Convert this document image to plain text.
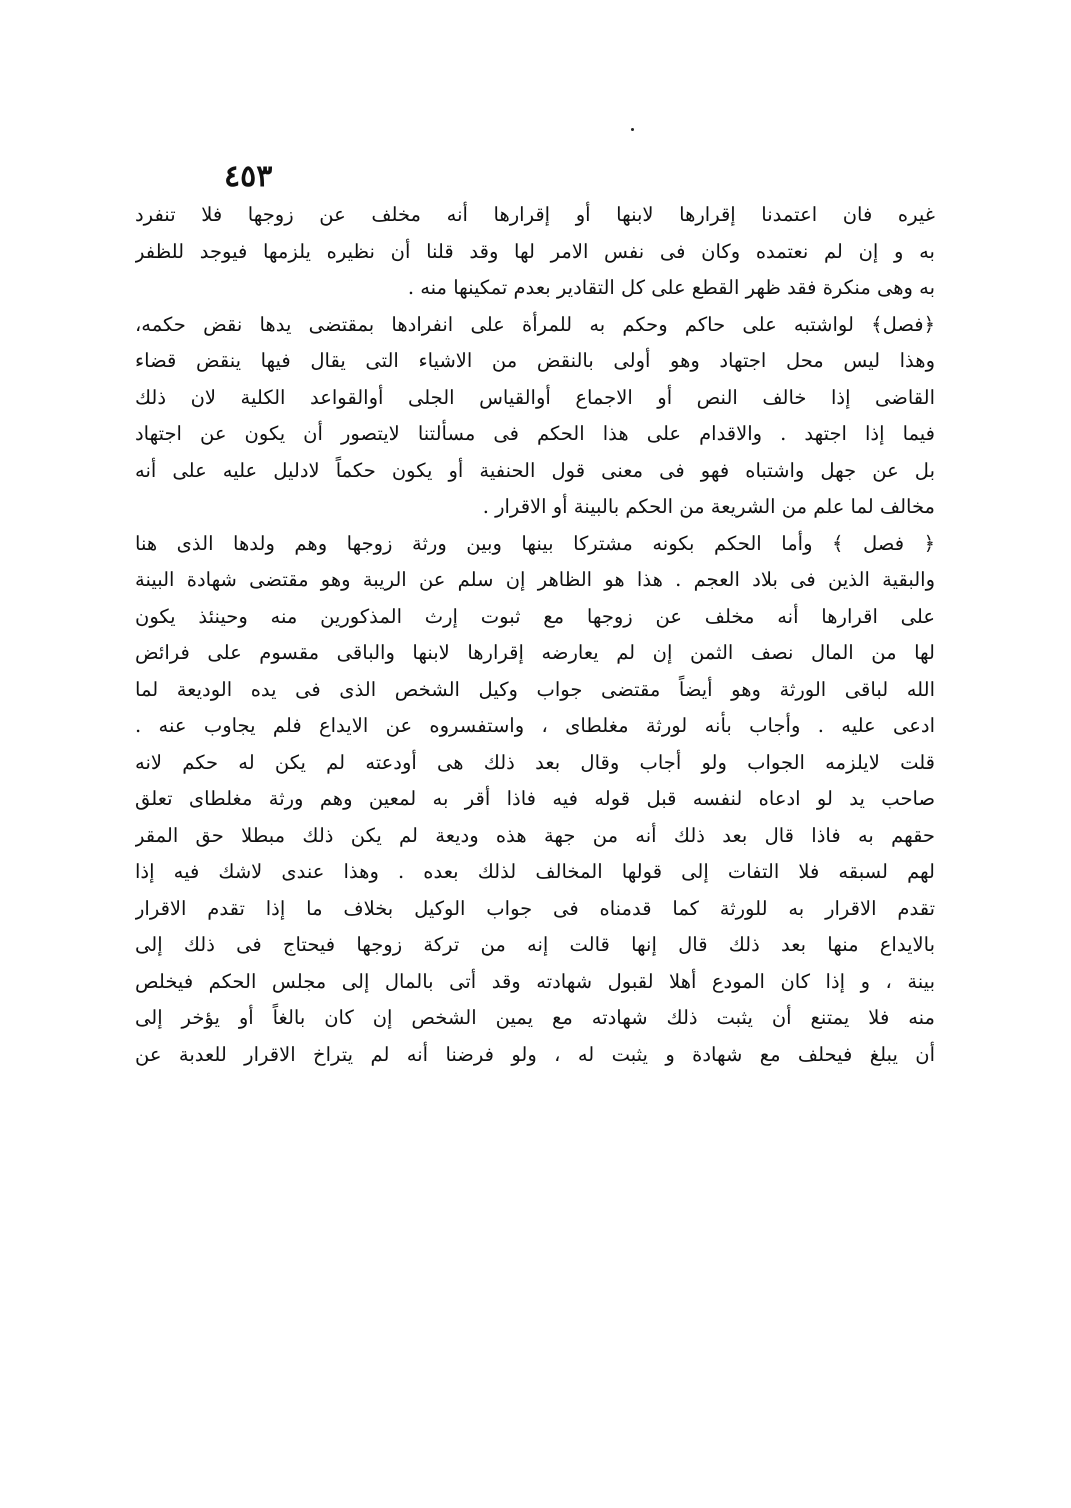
٤٥٣
غيره فان اعتمدنا إقرارها لابنها أو إقرارها أنه مخلف عن زوجها فلا تنفرد
به و إن لم نعتمده وكان فى نفس الامر لها وقد قلنا أن نظيره يلزمها فيوجد للظفر
به وهى منكرة فقد ظهر القطع على كل التقادير بعدم تمكينها منه .
﴿فصل﴾ لواشتبه على حاكم وحكم به للمرأة على انفرادها بمقتضى يدها نقض حكمه،
وهذا ليس محل اجتهاد وهو أولى بالنقض من الاشياء التى يقال فيها ينقض قضاء
القاضى إذا خالف النص أو الاجماع أوالقياس الجلى أوالقواعد الكلية لان ذلك
فيما إذا اجتهد . والاقدام على هذا الحكم فى مسألتنا لايتصور أن يكون عن اجتهاد
بل عن جهل واشتباه فهو فى معنى قول الحنفية أو يكون حكماً لادليل عليه على أنه
مخالف لما علم من الشريعة من الحكم بالبينة أو الاقرار .
﴿ فصل ﴾ وأما الحكم بكونه مشتركا بينها وبين ورثة زوجها وهم ولدها الذى هنا
والبقية الذين فى بلاد العجم . هذا هو الظاهر إن سلم عن الريبة وهو مقتضى شهادة البينة
على اقرارها أنه مخلف عن زوجها مع ثبوت إرث المذكورين منه وحينئذ يكون
لها من المال نصف الثمن إن لم يعارضه إقرارها لابنها والباقى مقسوم على فرائض
الله لباقى الورثة وهو أيضاً مقتضى جواب وكيل الشخص الذى فى يده الوديعة لما
ادعى عليه . وأجاب بأنه لورثة مغلطاى ، واستفسروه عن الايداع فلم يجاوب عنه .
قلت لايلزمه الجواب ولو أجاب وقال بعد ذلك هى أودعته لم يكن له حكم لانه
صاحب يد لو ادعاه لنفسه قبل قوله فيه فاذا أقر به لمعين وهم ورثة مغلطاى تعلق
حقهم به فاذا قال بعد ذلك أنه من جهة هذه وديعة لم يكن ذلك مبطلا حق المقر
لهم لسبقه فلا التفات إلى قولها المخالف لذلك بعده . وهذا عندى لاشك فيه إذا
تقدم الاقرار به للورثة كما قدمناه فى جواب الوكيل بخلاف ما إذا تقدم الاقرار
بالايداع منها بعد ذلك قال إنها قالت إنه من تركة زوجها فيحتاج فى ذلك إلى
بينة ، و إذا كان المودع أهلا لقبول شهادته وقد أتى بالمال إلى مجلس الحكم فيخلص
منه فلا يمتنع أن يثبت ذلك شهادته مع يمين الشخص إن كان بالغاً أو يؤخر إلى
أن يبلغ فيحلف مع شهادة و يثبت له ، ولو فرضنا أنه لم يتراخ الاقرار للعدبة عن
